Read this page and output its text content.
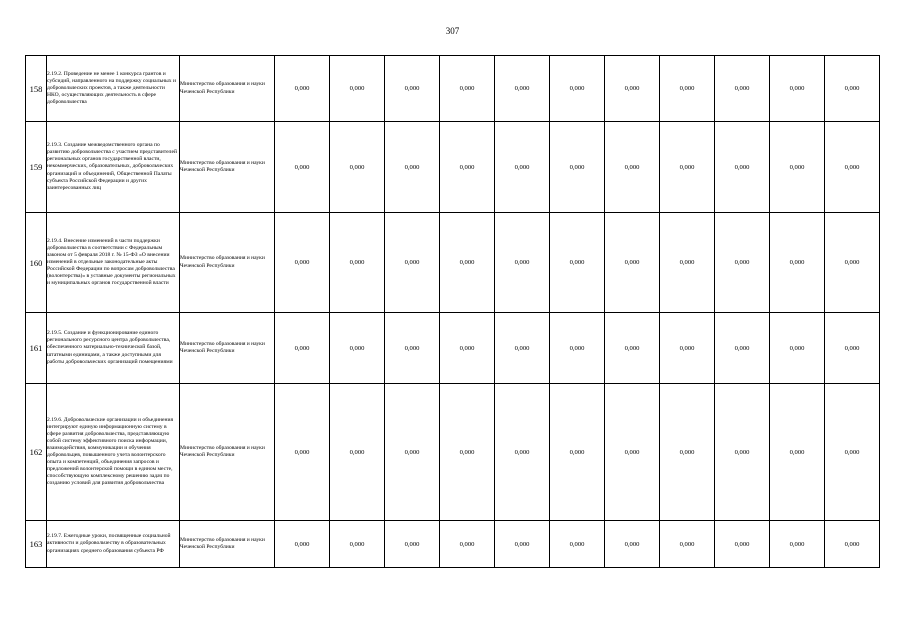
307
158	2.19.2. Проведение не менее 1 конкурса грантов и субсидий, направленного на поддержку социальных и добровольческих проектов, а также деятельности НКО, осуществляющих деятельность в сфере добровольчества	Министерство образования и науки Чеченской Республики	0,000	0,000	0,000	0,000	0,000	0,000	0,000	0,000	0,000	0,000	0,000
159	2.19.3. Создание межведомственного органа по развитию добровольчества с участием представителей региональных органов государственной власти, некоммерческих, образовательных, добровольческих организаций и объединений, Общественной Палаты субъекта Российской Федерации и других заинтересованных лиц	Министерство образования и науки Чеченской Республики	0,000	0,000	0,000	0,000	0,000	0,000	0,000	0,000	0,000	0,000	0,000
160	2.19.4. Внесение изменений в части поддержки добровольчества в соответствии с Федеральным законом от 5 февраля 2018 г. № 15-ФЗ «О внесении изменений в отдельные законодательные акты Российской Федерации по вопросам добровольчества (волонтерства)» в уставные документы региональных и муниципальных органов государственной власти	Министерство образования и науки Чеченской Республики	0,000	0,000	0,000	0,000	0,000	0,000	0,000	0,000	0,000	0,000	0,000
161	2.19.5. Создание и функционирование единого регионального ресурсного центра добровольчества, обеспеченного материально-технической базой, штатными единицами, а также доступными для работы добровольческих организаций помещениями	Министерство образования и науки Чеченской Республики	0,000	0,000	0,000	0,000	0,000	0,000	0,000	0,000	0,000	0,000	0,000
162	2.19.6. Добровольческие организации и объединения интегрируют единую информационную систему в сфере развития добровольчества, представляющую собой систему эффективного поиска информации, взаимодействия, коммуникации и обучения добровольцев, повышенного учета волонтерского опыта и компетенций, объединения запросов и предложений волонтерской помощи в едином месте, способствующую комплексному решению задач по созданию условий для развития добровольчества	Министерство образования и науки Чеченской Республики	0,000	0,000	0,000	0,000	0,000	0,000	0,000	0,000	0,000	0,000	0,000
163	2.19.7. Ежегодные уроки, посвященные социальной активности и добровольчеству в образовательных организациях среднего образования субъекта РФ	Министерство образования и науки Чеченской Республики	0,000	0,000	0,000	0,000	0,000	0,000	0,000	0,000	0,000	0,000	0,000
